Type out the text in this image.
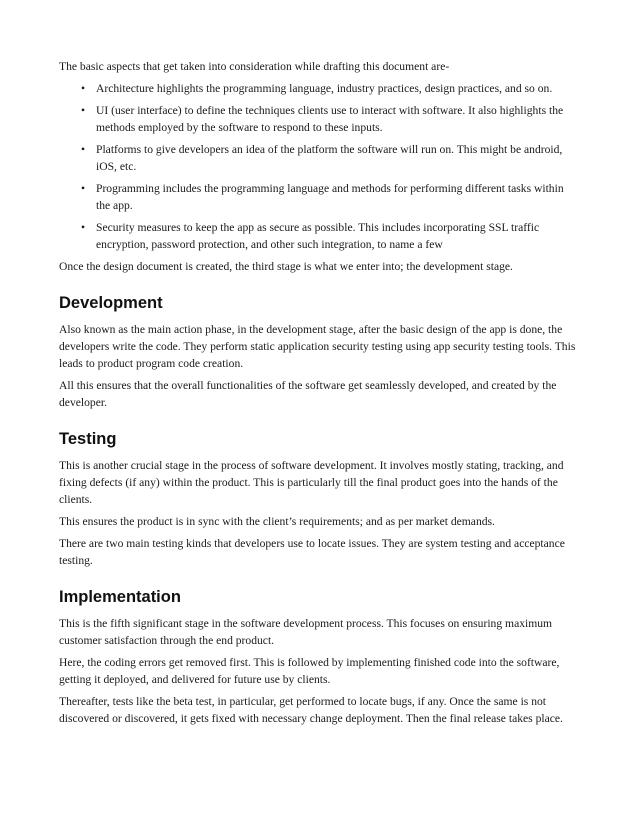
The basic aspects that get taken into consideration while drafting this document are-

• Architecture highlights the programming language, industry practices, design practices, and so on.
• UI (user interface) to define the techniques clients use to interact with software. It also highlights the methods employed by the software to respond to these inputs.
• Platforms to give developers an idea of the platform the software will run on. This might be android, iOS, etc.
• Programming includes the programming language and methods for performing different tasks within the app.
• Security measures to keep the app as secure as possible. This includes incorporating SSL traffic encryption, password protection, and other such integration, to name a few

Once the design document is created, the third stage is what we enter into; the development stage.

Development

Also known as the main action phase, in the development stage, after the basic design of the app is done, the developers write the code. They perform static application security testing using app security testing tools. This leads to product program code creation.

All this ensures that the overall functionalities of the software get seamlessly developed, and created by the developer.

Testing

This is another crucial stage in the process of software development. It involves mostly stating, tracking, and fixing defects (if any) within the product. This is particularly till the final product goes into the hands of the clients.

This ensures the product is in sync with the client’s requirements; and as per market demands.

There are two main testing kinds that developers use to locate issues. They are system testing and acceptance testing.

Implementation

This is the fifth significant stage in the software development process. This focuses on ensuring maximum customer satisfaction through the end product.

Here, the coding errors get removed first. This is followed by implementing finished code into the software, getting it deployed, and delivered for future use by clients.

Thereafter, tests like the beta test, in particular, get performed to locate bugs, if any. Once the same is not discovered or discovered, it gets fixed with necessary change deployment. Then the final release takes place.
